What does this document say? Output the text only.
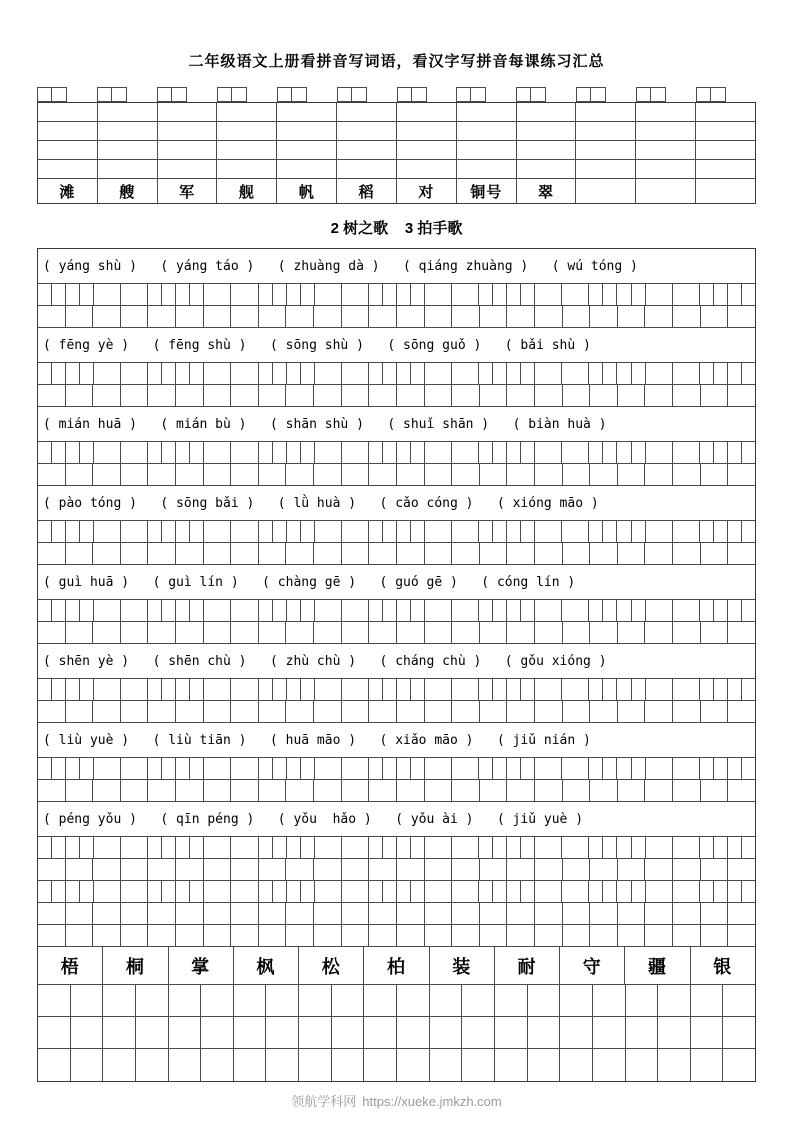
二年级语文上册看拼音写词语，看汉字写拼音每课练习汇总
滩	艘	军	舰	帆	稻	对	铜号	翠
2 树之歌    3 拍手歌
( yáng shù )   ( yáng táo )   ( zhuàng dà )   ( qiáng zhuàng )   ( wú tóng )
( fēng yè )   ( fēng shù )   ( sōng shù )   ( sōng guǒ )   ( bǎi shù )
( mián huā )   ( mián bù )   ( shān shù )   ( shuǐ shān )   ( biàn huà )
( pào tóng )   ( sōng bǎi )   ( lǜ huà )   ( cǎo cóng )   ( xióng māo )
( guì huā )   ( guì lín )   ( chàng gē )   ( guó gē )   ( cóng lín )
( shēn yè )   ( shēn chù )   ( zhù chù )   ( cháng chù )   ( gǒu xióng )
( liù yuè )   ( liù tiān )   ( huā māo )   ( xiǎo māo )   ( jiǔ nián )
( péng yǒu )   ( qīn péng )   ( yǒu  hǎo )   ( yǒu ài )   ( jiǔ yuè )
梧	桐	掌	枫	松	柏	装	耐	守	疆	银
领航学科网 https://xueke.jmkzh.com
